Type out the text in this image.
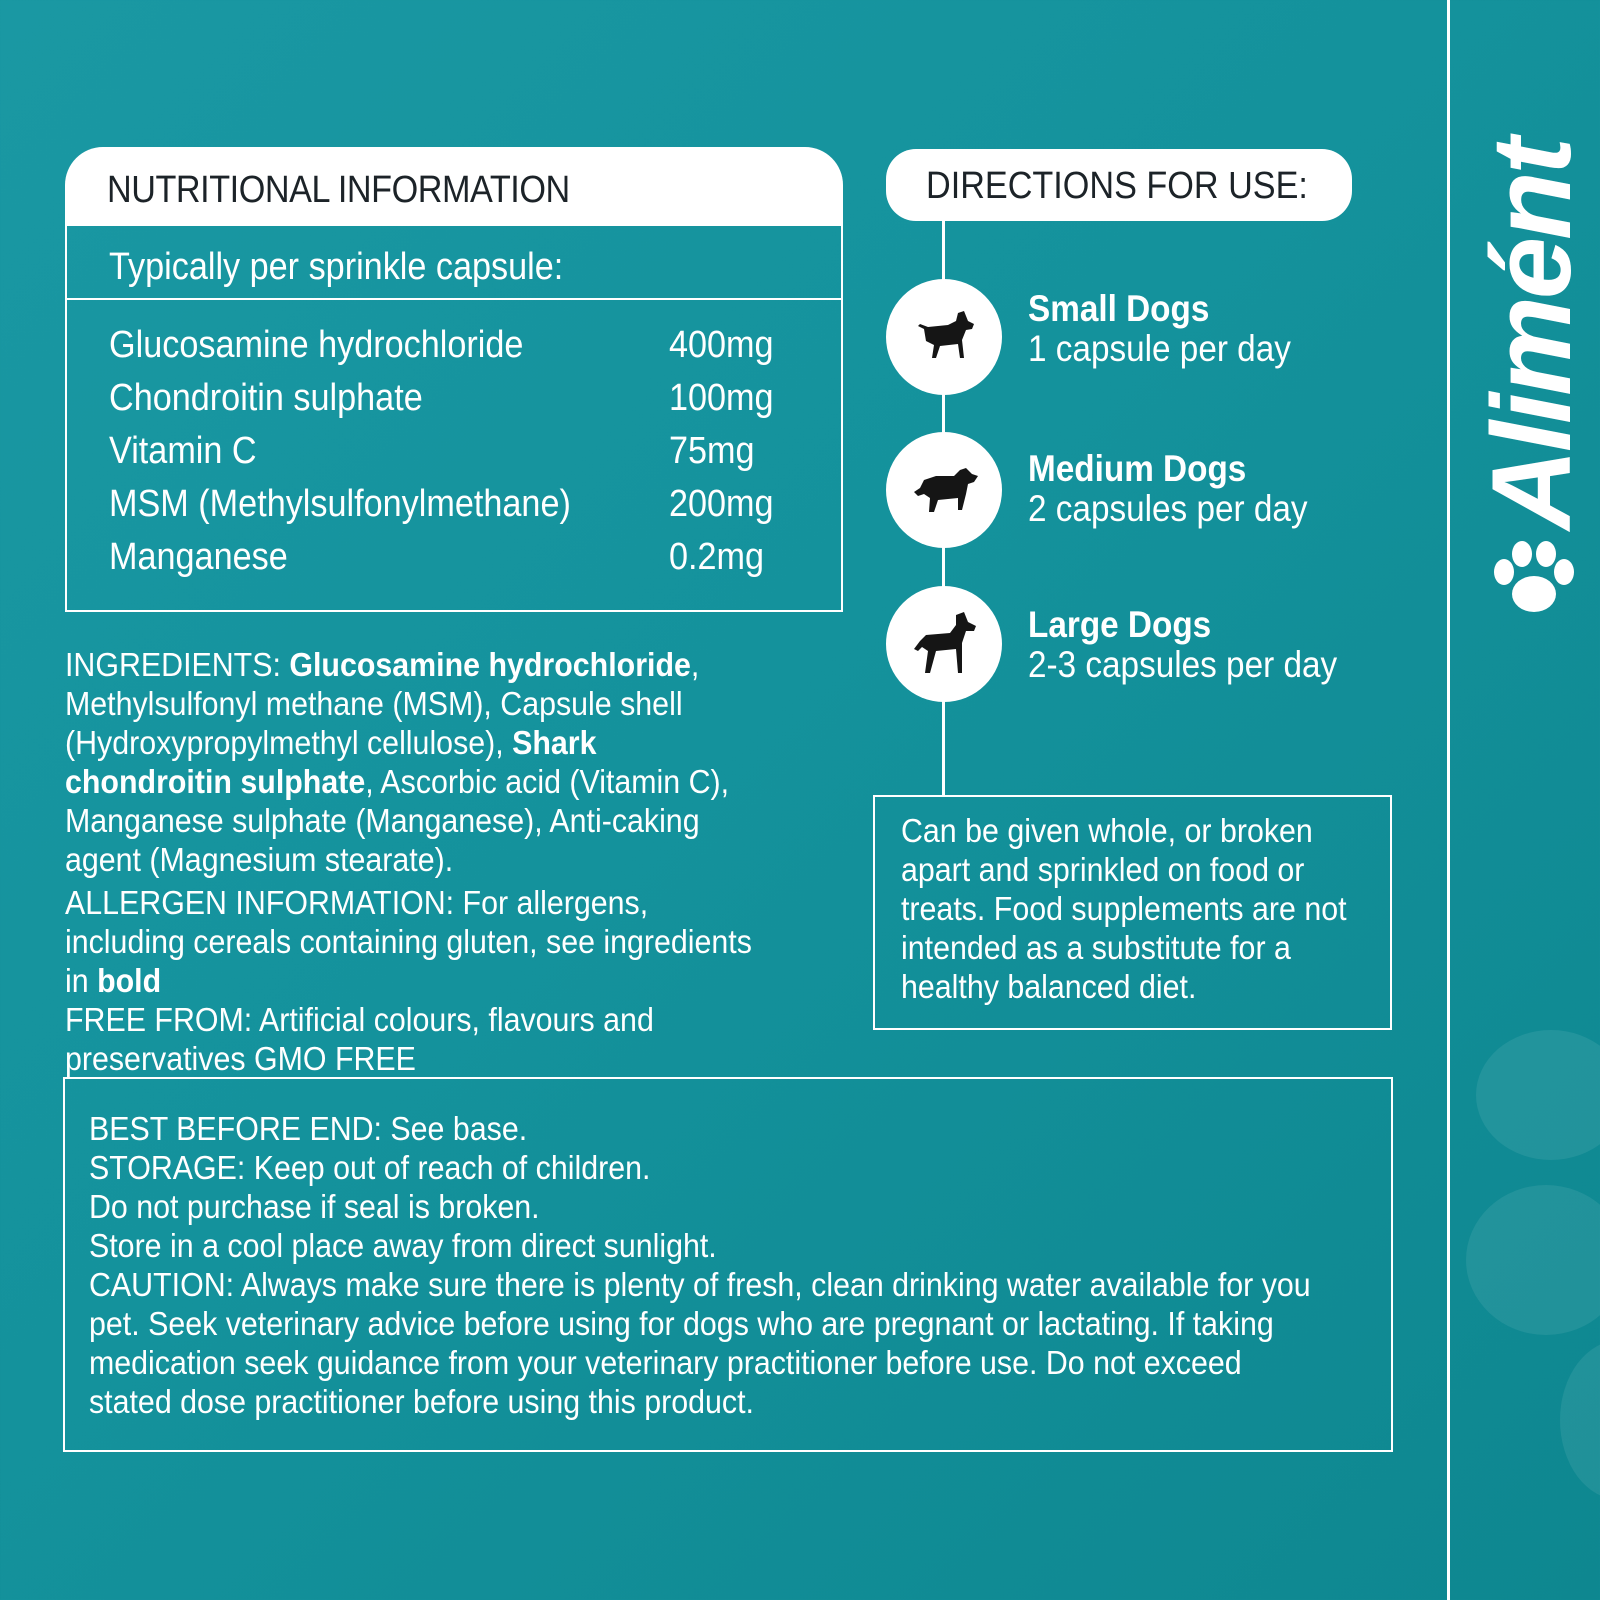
NUTRITIONAL INFORMATION
Typically per sprinkle capsule:
Glucosamine hydrochloride	400mg
Chondroitin sulphate	100mg
Vitamin C	75mg
MSM (Methylsulfonylmethane)	200mg
Manganese	0.2mg

INGREDIENTS: Glucosamine hydrochloride, Methylsulfonyl methane (MSM), Capsule shell (Hydroxypropylmethyl cellulose), Shark chondroitin sulphate, Ascorbic acid (Vitamin C), Manganese sulphate (Manganese), Anti-caking agent (Magnesium stearate).

ALLERGEN INFORMATION: For allergens, including cereals containing gluten, see ingredients in bold
FREE FROM: Artificial colours, flavours and preservatives GMO FREE

DIRECTIONS FOR USE:
Small Dogs
1 capsule per day
Medium Dogs
2 capsules per day
Large Dogs
2-3 capsules per day
Can be given whole, or broken apart and sprinkled on food or treats. Food supplements are not intended as a substitute for a healthy balanced diet.
BEST BEFORE END: See base.
STORAGE: Keep out of reach of children.
Do not purchase if seal is broken.
Store in a cool place away from direct sunlight.
CAUTION: Always make sure there is plenty of fresh, clean drinking water available for you
pet. Seek veterinary advice before using for dogs who are pregnant or lactating. If taking
medication seek guidance from your veterinary practitioner before use. Do not exceed
stated dose practitioner before using this product.
Alimént
